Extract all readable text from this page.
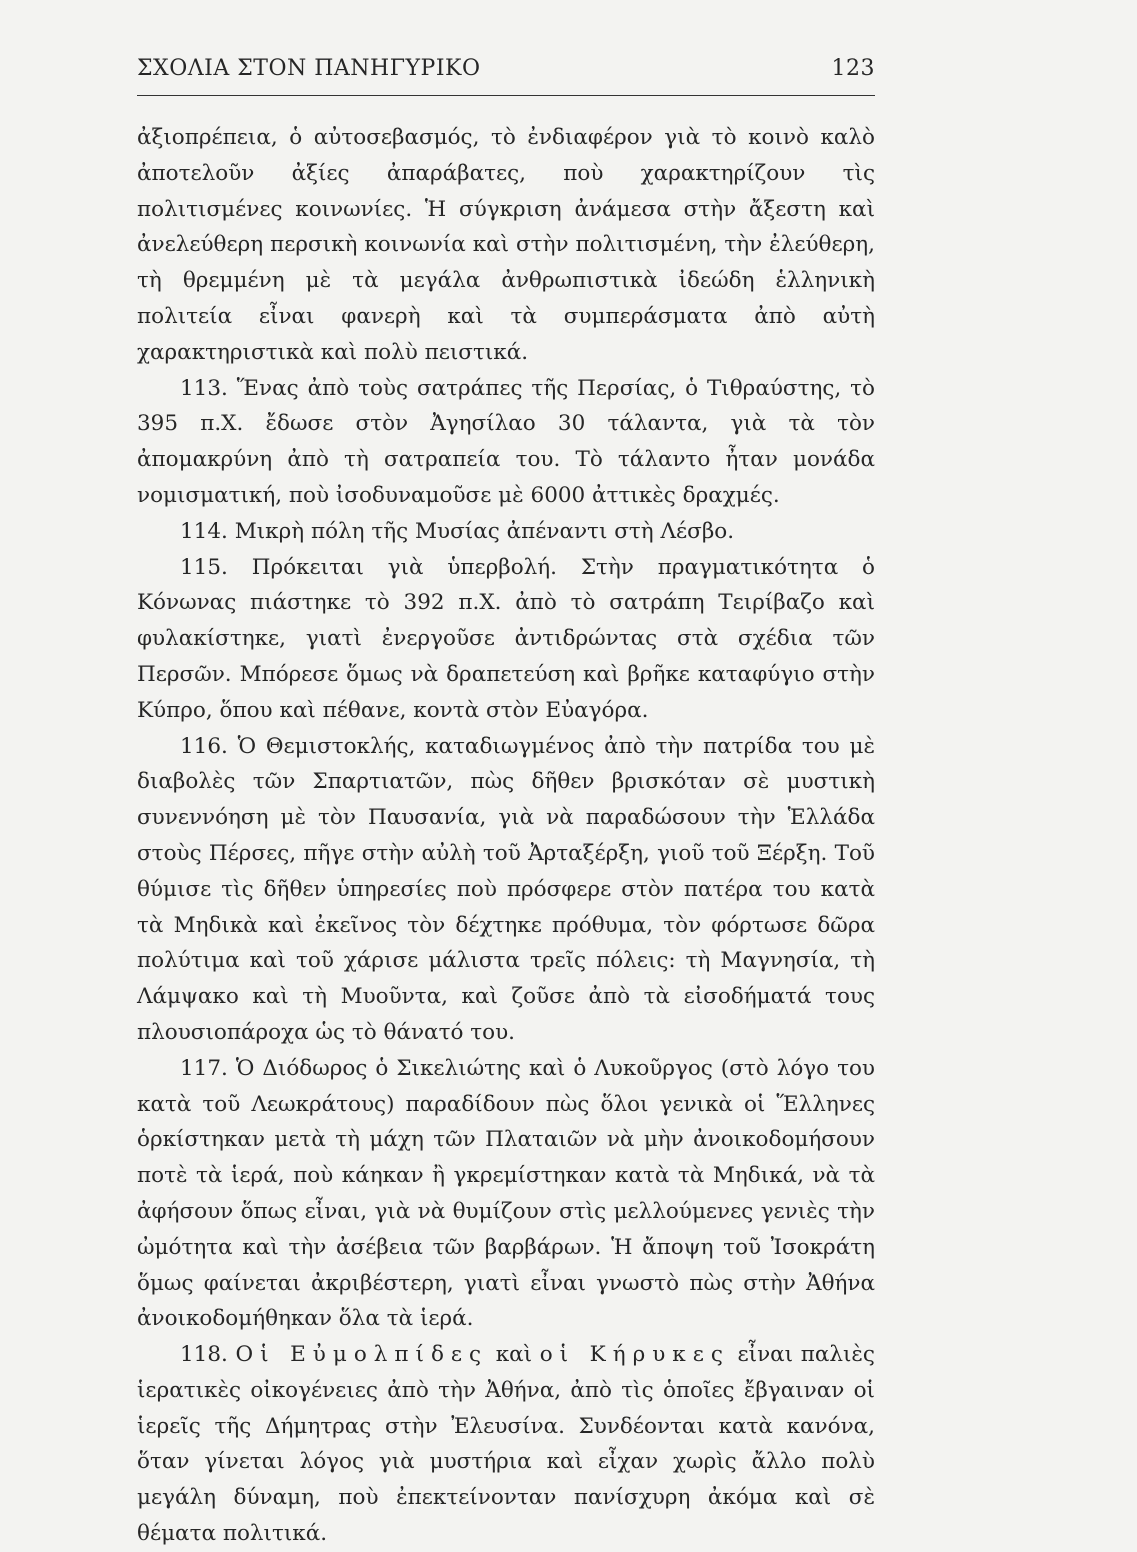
ΣΧΟΛΙΑ ΣΤΟΝ ΠΑΝΗΓΥΡΙΚΟ	123

ἀξιοπρέπεια, ὁ αὐτοσεβασμός, τὸ ἐνδιαφέρον γιὰ τὸ κοινὸ καλὸ ἀποτελοῦν ἀξίες ἀπαράβατες, ποὺ χαρακτηρίζουν τὶς πολιτισμένες κοινωνίες. Ἡ σύγκριση ἀνάμεσα στὴν ἄξεστη καὶ ἀνελεύθερη περσικὴ κοινωνία καὶ στὴν πολιτισμένη, τὴν ἐλεύθερη, τὴ θρεμμένη μὲ τὰ μεγάλα ἀνθρωπιστικὰ ἰδεώδη ἑλληνικὴ πολιτεία εἶναι φανερὴ καὶ τὰ συμπεράσματα ἀπὸ αὐτὴ χαρακτηριστικὰ καὶ πολὺ πειστικά.

113. Ἕνας ἀπὸ τοὺς σατράπες τῆς Περσίας, ὁ Τιθραύστης, τὸ 395 π.Χ. ἔδωσε στὸν Ἀγησίλαο 30 τάλαντα, γιὰ τὰ τὸν ἀπομακρύνη ἀπὸ τὴ σατραπεία του. Τὸ τάλαντο ἦταν μονάδα νομισματική, ποὺ ἰσοδυναμοῦσε μὲ 6000 ἀττικὲς δραχμές.

114. Μικρὴ πόλη τῆς Μυσίας ἀπέναντι στὴ Λέσβο.

115. Πρόκειται γιὰ ὑπερβολή. Στὴν πραγματικότητα ὁ Κόνωνας πιάστηκε τὸ 392 π.Χ. ἀπὸ τὸ σατράπη Τειρίβαζο καὶ φυλακίστηκε, γιατὶ ἐνεργοῦσε ἀντιδρώντας στὰ σχέδια τῶν Περσῶν. Μπόρεσε ὅμως νὰ δραπετεύση καὶ βρῆκε καταφύγιο στὴν Κύπρο, ὅπου καὶ πέθανε, κοντὰ στὸν Εὐαγόρα.

116. Ὁ Θεμιστοκλής, καταδιωγμένος ἀπὸ τὴν πατρίδα του μὲ διαβολὲς τῶν Σπαρτιατῶν, πὼς δῆθεν βρισκόταν σὲ μυστικὴ συνεννόηση μὲ τὸν Παυσανία, γιὰ νὰ παραδώσουν τὴν Ἑλλάδα στοὺς Πέρσες, πῆγε στὴν αὐλὴ τοῦ Ἀρταξέρξη, γιοῦ τοῦ Ξέρξη. Τοῦ θύμισε τὶς δῆθεν ὑπηρεσίες ποὺ πρόσφερε στὸν πατέρα του κατὰ τὰ Μηδικὰ καὶ ἐκεῖνος τὸν δέχτηκε πρόθυμα, τὸν φόρτωσε δῶρα πολύτιμα καὶ τοῦ χάρισε μάλιστα τρεῖς πόλεις: τὴ Μαγνησία, τὴ Λάμψακο καὶ τὴ Μυοῦντα, καὶ ζοῦσε ἀπὸ τὰ εἰσοδήματά τους πλουσιοπάροχα ὡς τὸ θάνατό του.

117. Ὁ Διόδωρος ὁ Σικελιώτης καὶ ὁ Λυκοῦργος (στὸ λόγο του κατὰ τοῦ Λεωκράτους) παραδίδουν πὼς ὅλοι γενικὰ οἱ Ἕλληνες ὁρκίστηκαν μετὰ τὴ μάχη τῶν Πλαταιῶν νὰ μὴν ἀνοικοδομήσουν ποτὲ τὰ ἱερά, ποὺ κάηκαν ἢ γκρεμίστηκαν κατὰ τὰ Μηδικά, νὰ τὰ ἀφήσουν ὅπως εἶναι, γιὰ νὰ θυμίζουν στὶς μελλούμενες γενιὲς τὴν ὠμότητα καὶ τὴν ἀσέβεια τῶν βαρβάρων. Ἡ ἄποψη τοῦ Ἰσοκράτη ὅμως φαίνεται ἀκριβέστερη, γιατὶ εἶναι γνωστὸ πὼς στὴν Ἀθήνα ἀνοικοδομήθηκαν ὅλα τὰ ἱερά.

118. Οἱ Εὐμολπίδες καὶ οἱ Κήρυκες εἶναι παλιὲς ἱερατικὲς οἰκογένειες ἀπὸ τὴν Ἀθήνα, ἀπὸ τὶς ὁποῖες ἔβγαιναν οἱ ἱερεῖς τῆς Δήμητρας στὴν Ἐλευσίνα. Συνδέονται κατὰ κανόνα, ὅταν γίνεται λόγος γιὰ μυστήρια καὶ εἶχαν χωρὶς ἄλλο πολὺ μεγάλη δύναμη, ποὺ ἐπεκτείνονταν πανίσχυρη ἀκόμα καὶ σὲ θέματα πολιτικά.
